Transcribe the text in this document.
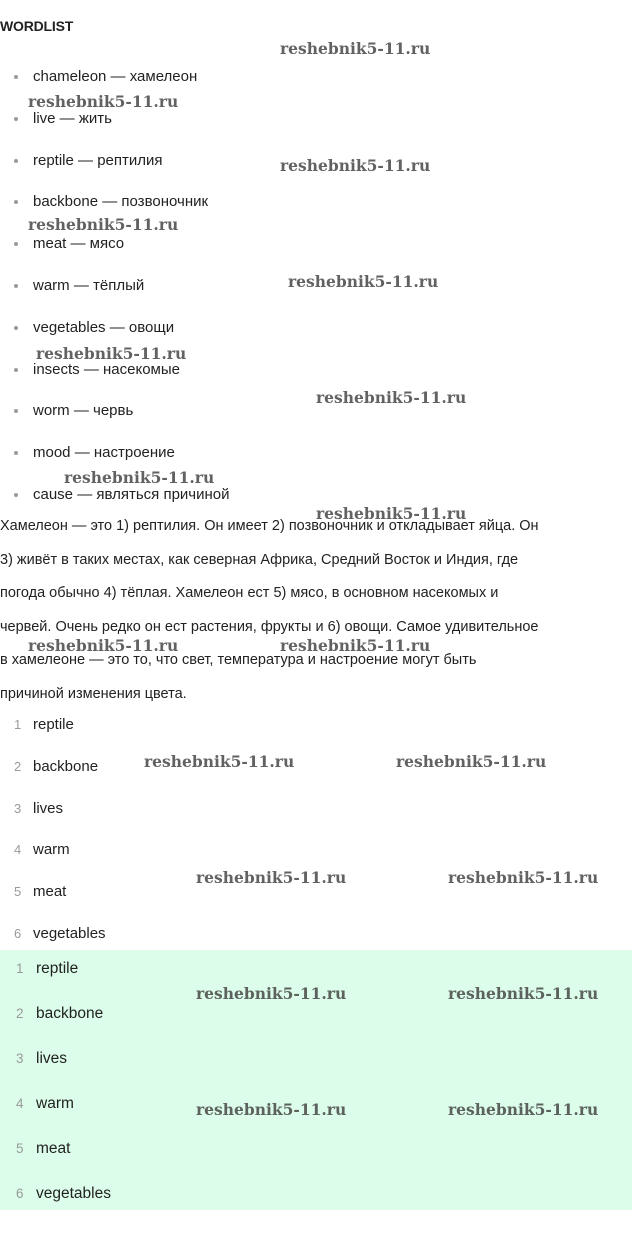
WORDLIST
chameleon — хамелеон
live — жить
reptile — рептилия
backbone — позвоночник
meat — мясо
warm — тёплый
vegetables — овощи
insects — насекомые
worm — червь
mood — настроение
cause — являться причиной
Хамелеон — это 1) рептилия. Он имеет 2) позвоночник и откладывает яйца. Он
3) живёт в таких местах, как северная Африка, Средний Восток и Индия, где
погода обычно 4) тёплая. Хамелеон ест 5) мясо, в основном насекомых и
червей. Очень редко он ест растения, фрукты и 6) овощи. Самое удивительное
в хамелеоне — это то, что свет, температура и настроение могут быть
причиной изменения цвета.
1 reptile
2 backbone
3 lives
4 warm
5 meat
6 vegetables
1 reptile
2 backbone
3 lives
4 warm
5 meat
6 vegetables
reshebnik5-11.ru
reshebnik5-11.ru
reshebnik5-11.ru
reshebnik5-11.ru
reshebnik5-11.ru
reshebnik5-11.ru
reshebnik5-11.ru
reshebnik5-11.ru
reshebnik5-11.ru
reshebnik5-11.ru	reshebnik5-11.ru
reshebnik5-11.ru	reshebnik5-11.ru
reshebnik5-11.ru	reshebnik5-11.ru
reshebnik5-11.ru	reshebnik5-11.ru
reshebnik5-11.ru	reshebnik5-11.ru
